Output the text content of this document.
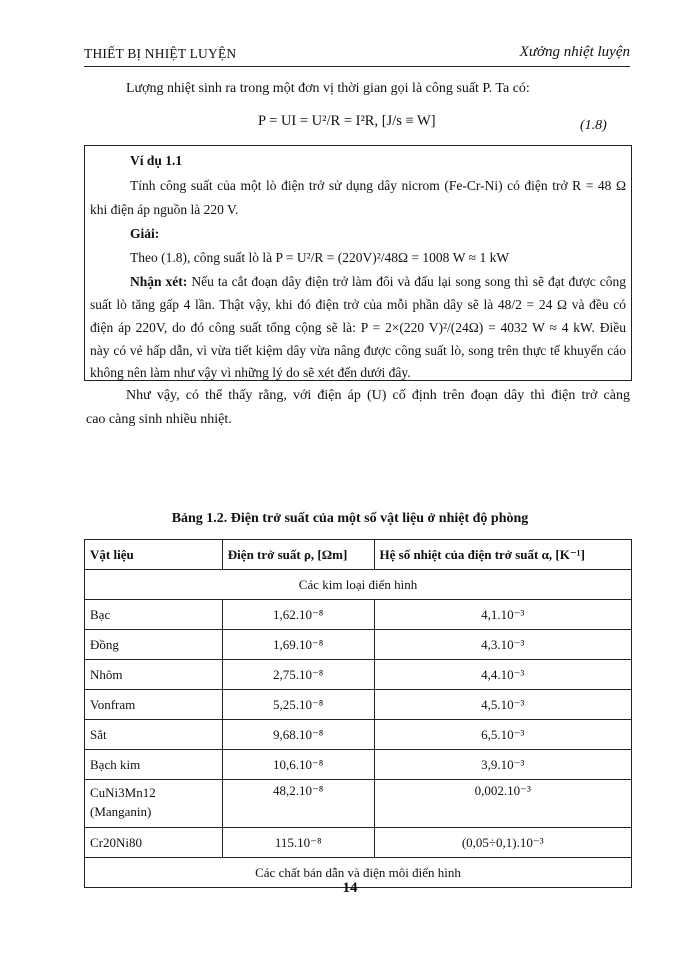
THIẾT BỊ NHIỆT LUYỆN	Xưởng nhiệt luyện
Lượng nhiệt sinh ra trong một đơn vị thời gian gọi là công suất P. Ta có:
P = UI = U²/R = I²R, [J/s ≡ W]	(1.8)
Ví dụ 1.1
Tính công suất của một lò điện trở sử dụng dây nicrom (Fe-Cr-Ni) có điện trở R = 48 Ω
khi điện áp nguồn là 220 V.
Giải:
Theo (1.8), công suất lò là P = U²/R = (220V)²/48Ω = 1008 W ≈ 1 kW
Nhận xét: Nếu ta cắt đoạn dây điện trở làm đôi và đấu lại song song thì sẽ đạt được công
suất lò tăng gấp 4 lần. Thật vậy, khi đó điện trở của mỗi phần dây sẽ là 48/2 = 24 Ω và đều có
điện áp 220V, do đó công suất tổng cộng sẽ là: P = 2×(220 V)²/(24Ω) = 4032 W ≈ 4 kW. Điều
này có vẻ hấp dẫn, vì vừa tiết kiệm dây vừa nâng được công suất lò, song trên thực tế khuyến cáo
không nên làm như vậy vì những lý do sẽ xét đến dưới đây.
Như vậy, có thể thấy rằng, với điện áp (U) cố định trên đoạn dây thì điện trở càng
cao càng sinh nhiều nhiệt.
Bảng 1.2. Điện trở suất của một số vật liệu ở nhiệt độ phòng
Vật liệu	Điện trở suất ρ, [Ωm]	Hệ số nhiệt của điện trở suất α, [K⁻¹]
Các kim loại điển hình		
Bạc	1,62.10⁻⁸	4,1.10⁻³
Đồng	1,69.10⁻⁸	4,3.10⁻³
Nhôm	2,75.10⁻⁸	4,4.10⁻³
Vonfram	5,25.10⁻⁸	4,5.10⁻³
Sắt	9,68.10⁻⁸	6,5.10⁻³
Bạch kim	10,6.10⁻⁸	3,9.10⁻³

CuNi3Mn12
(Manganin)	48,2.10⁻⁸	0,002.10⁻³
Cr20Ni80	115.10⁻⁸	(0,05÷0,1).10⁻³
Các chất bán dẫn và điện môi điển hình		
14
